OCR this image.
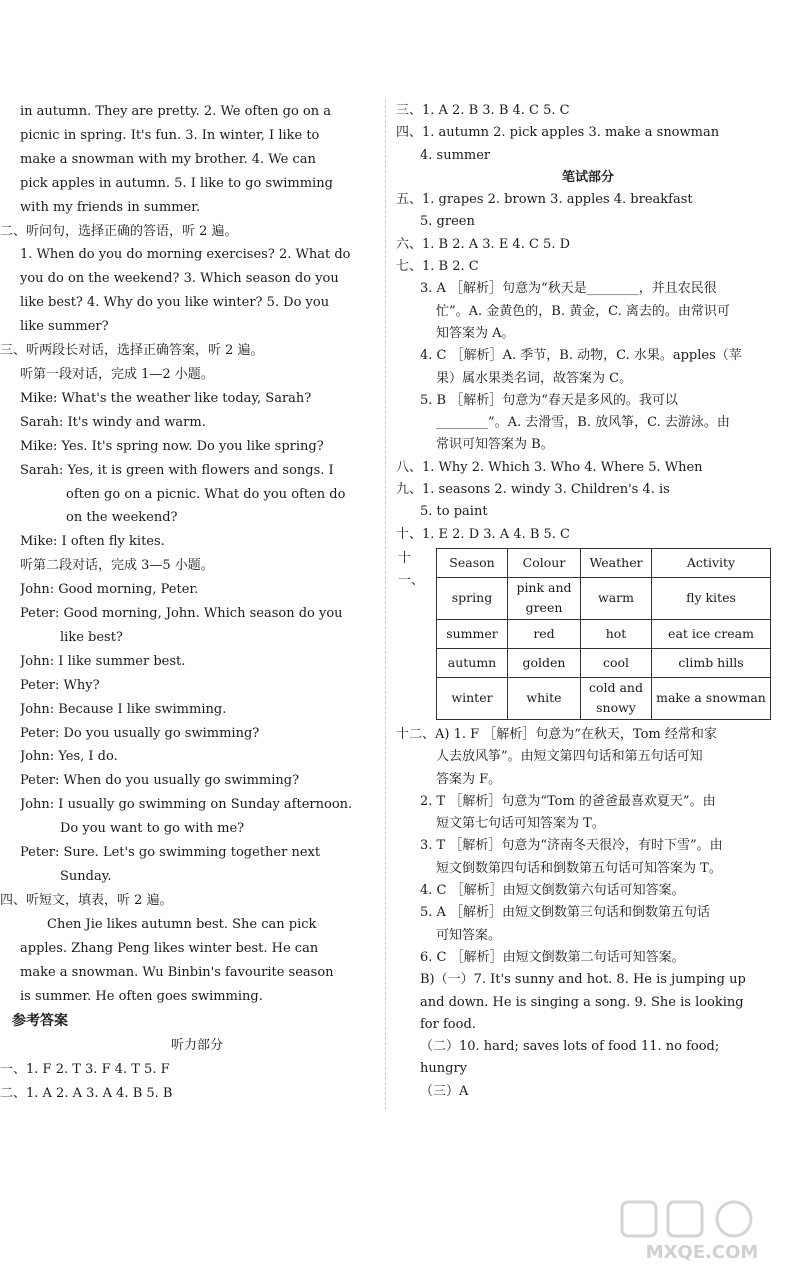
in autumn. They are pretty. 2. We often go on a
picnic in spring. It's fun. 3. In winter, I like to
make a snowman with my brother. 4. We can
pick apples in autumn. 5. I like to go swimming
with my friends in summer.
二、听问句，选择正确的答语，听 2 遍。
1. When do you do morning exercises? 2. What do
you do on the weekend? 3. Which season do you
like best? 4. Why do you like winter? 5. Do you
like summer?
三、听两段长对话，选择正确答案，听 2 遍。
听第一段对话，完成 1—2 小题。
Mike: What's the weather like today, Sarah?
Sarah: It's windy and warm.
Mike: Yes. It's spring now. Do you like spring?
Sarah: Yes, it is green with flowers and songs. I
often go on a picnic. What do you often do
on the weekend?
Mike: I often fly kites.
听第二段对话，完成 3—5 小题。
John: Good morning, Peter.
Peter: Good morning, John. Which season do you
like best?
John: I like summer best.
Peter: Why?
John: Because I like swimming.
Peter: Do you usually go swimming?
John: Yes, I do.
Peter: When do you usually go swimming?
John: I usually go swimming on Sunday afternoon.
Do you want to go with me?
Peter: Sure. Let's go swimming together next
Sunday.
四、听短文，填表，听 2 遍。
Chen Jie likes autumn best. She can pick
apples. Zhang Peng likes winter best. He can
make a snowman. Wu Binbin's favourite season
is summer. He often goes swimming.
参考答案
听力部分
一、1. F 2. T 3. F 4. T 5. F
二、1. A 2. A 3. A 4. B 5. B
三、1. A 2. B 3. B 4. C 5. C
四、1. autumn 2. pick apples 3. make a snowman
4. summer
笔试部分
五、1. grapes 2. brown 3. apples 4. breakfast
5. green
六、1. B 2. A 3. E 4. C 5. D
七、1. B 2. C
3. A ［解析］句意为“秋天是________，并且农民很
忙”。A. 金黄色的，B. 黄金，C. 离去的。由常识可
知答案为 A。
4. C ［解析］A. 季节，B. 动物，C. 水果。apples（苹
果）属水果类名词，故答案为 C。
5. B ［解析］句意为“春天是多风的。我可以
________”。A. 去滑雪，B. 放风筝，C. 去游泳。由
常识可知答案为 B。
八、1. Why 2. Which 3. Who 4. Where 5. When
九、1. seasons 2. windy 3. Children's 4. is
5. to paint
十、1. E 2. D 3. A 4. B 5. C
十一、
Season	Colour	Weather	Activity
spring	pink and green	warm	fly kites
summer	red	hot	eat ice cream
autumn	golden	cool	climb hills
winter	white	cold and snowy	make a snowman
十二、A) 1. F ［解析］句意为“在秋天，Tom 经常和家
人去放风筝”。由短文第四句话和第五句话可知
答案为 F。
2. T ［解析］句意为“Tom 的爸爸最喜欢夏天”。由
短文第七句话可知答案为 T。
3. T ［解析］句意为“济南冬天很冷，有时下雪”。由
短文倒数第四句话和倒数第五句话可知答案为 T。
4. C ［解析］由短文倒数第六句话可知答案。
5. A ［解析］由短文倒数第三句话和倒数第五句话
可知答案。
6. C ［解析］由短文倒数第二句话可知答案。
B)（一）7. It's sunny and hot. 8. He is jumping up
and down. He is singing a song. 9. She is looking
for food.
（二）10. hard; saves lots of food 11. no food;
hungry
（三）A
MXQE.COM
